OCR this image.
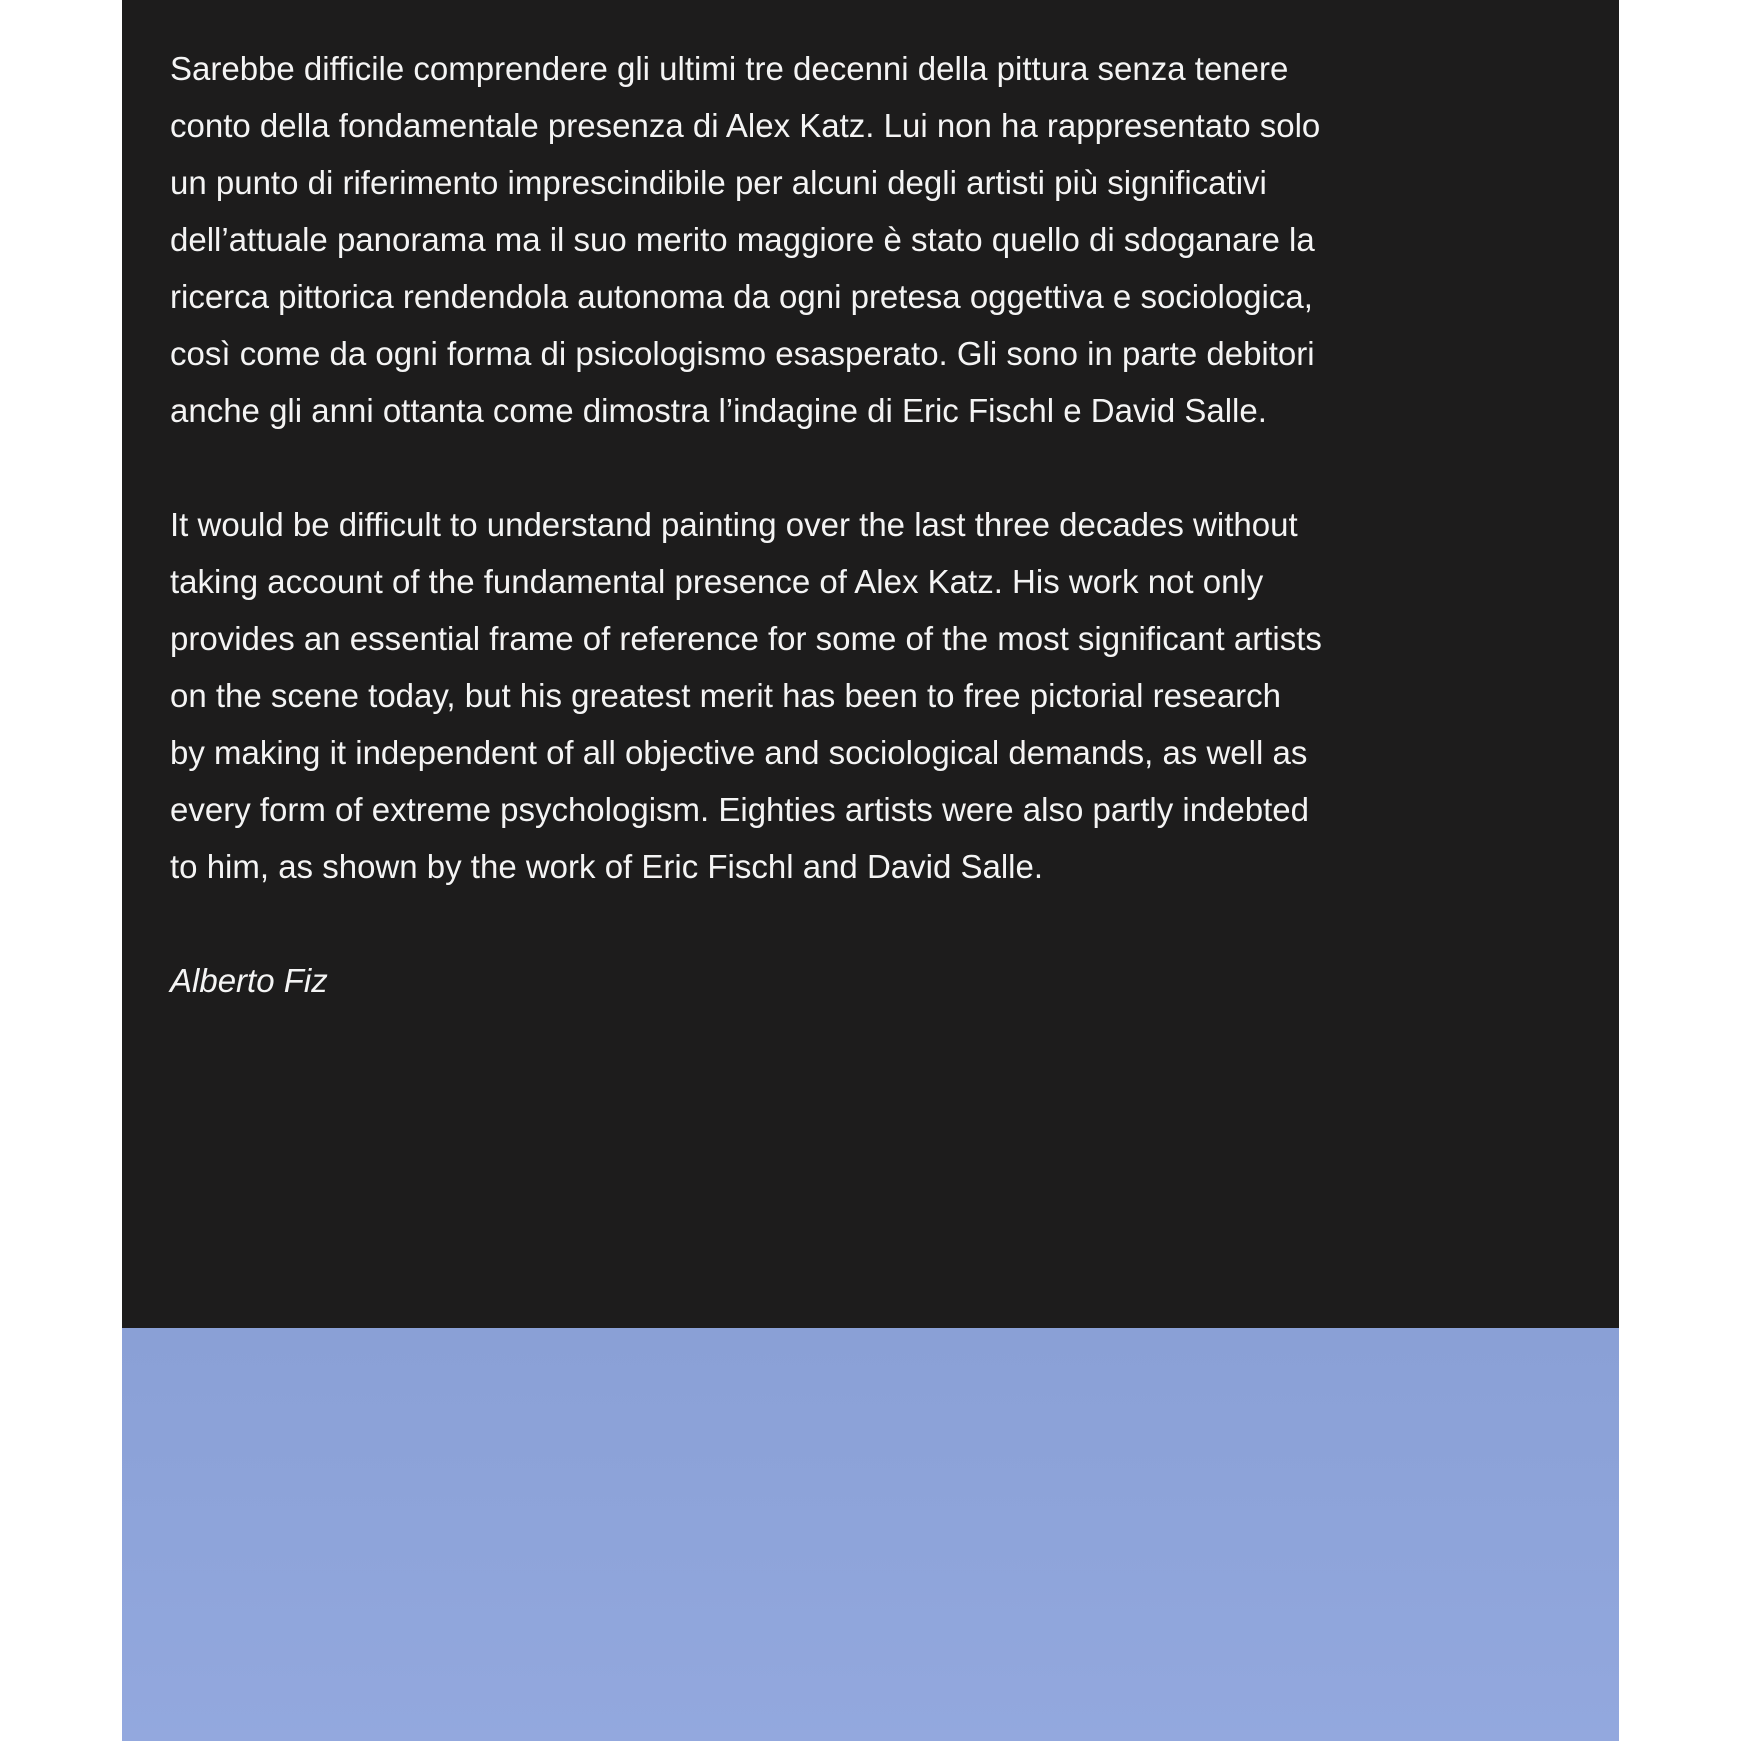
Sarebbe difficile comprendere gli ultimi tre decenni della pittura senza tenere
conto della fondamentale presenza di Alex Katz. Lui non ha rappresentato solo
un punto di riferimento imprescindibile per alcuni degli artisti più significativi
dell’attuale panorama ma il suo merito maggiore è stato quello di sdoganare la
ricerca pittorica rendendola autonoma da ogni pretesa oggettiva e sociologica,
così come da ogni forma di psicologismo esasperato. Gli sono in parte debitori
anche gli anni ottanta come dimostra l’indagine di Eric Fischl e David Salle.

It would be difficult to understand painting over the last three decades without
taking account of the fundamental presence of Alex Katz. His work not only
provides an essential frame of reference for some of the most significant artists
on the scene today, but his greatest merit has been to free pictorial research
by making it independent of all objective and sociological demands, as well as
every form of extreme psychologism. Eighties artists were also partly indebted
to him, as shown by the work of Eric Fischl and David Salle.

Alberto Fiz
